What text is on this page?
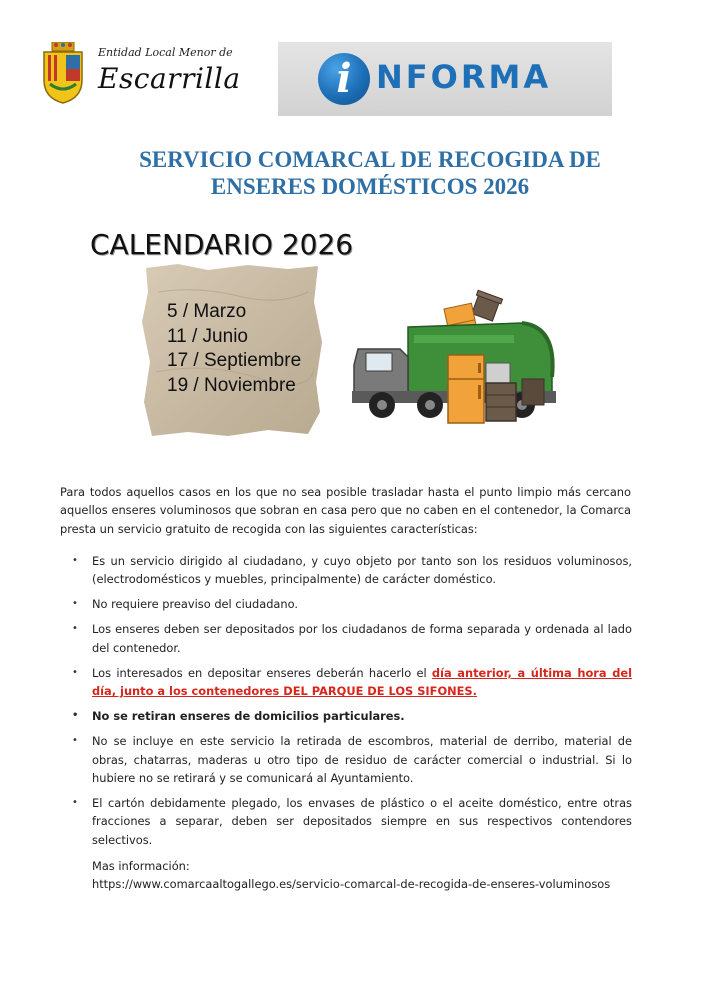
Entidad Local Menor de
Escarrilla	i NFORMA
SERVICIO COMARCAL DE RECOGIDA DE
ENSERES DOMÉSTICOS 2026
CALENDARIO 2026
5 / Marzo
11 / Junio
17 / Septiembre
19 / Noviembre
Para todos aquellos casos en los que no sea posible trasladar hasta el punto limpio más cercano aquellos enseres voluminosos que sobran en casa pero que no caben en el contenedor, la Comarca presta un servicio gratuito de recogida con las siguientes características:
• Es un servicio dirigido al ciudadano, y cuyo objeto por tanto son los residuos voluminosos, (electrodomésticos y muebles, principalmente) de carácter doméstico.
• No requiere preaviso del ciudadano.
• Los enseres deben ser depositados por los ciudadanos de forma separada y ordenada al lado del contenedor.
• Los interesados en depositar enseres deberán hacerlo el día anterior, a última hora del día, junto a los contenedores DEL PARQUE DE LOS SIFONES.
• No se retiran enseres de domicilios particulares.
• No se incluye en este servicio la retirada de escombros, material de derribo, material de obras, chatarras, maderas u otro tipo de residuo de carácter comercial o industrial. Si lo hubiere no se retirará y se comunicará al Ayuntamiento.
• El cartón debidamente plegado, los envases de plástico o el aceite doméstico, entre otras fracciones a separar, deben ser depositados siempre en sus respectivos contendores selectivos.
Mas información:
https://www.comarcaaltogallego.es/servicio-comarcal-de-recogida-de-enseres-voluminosos
